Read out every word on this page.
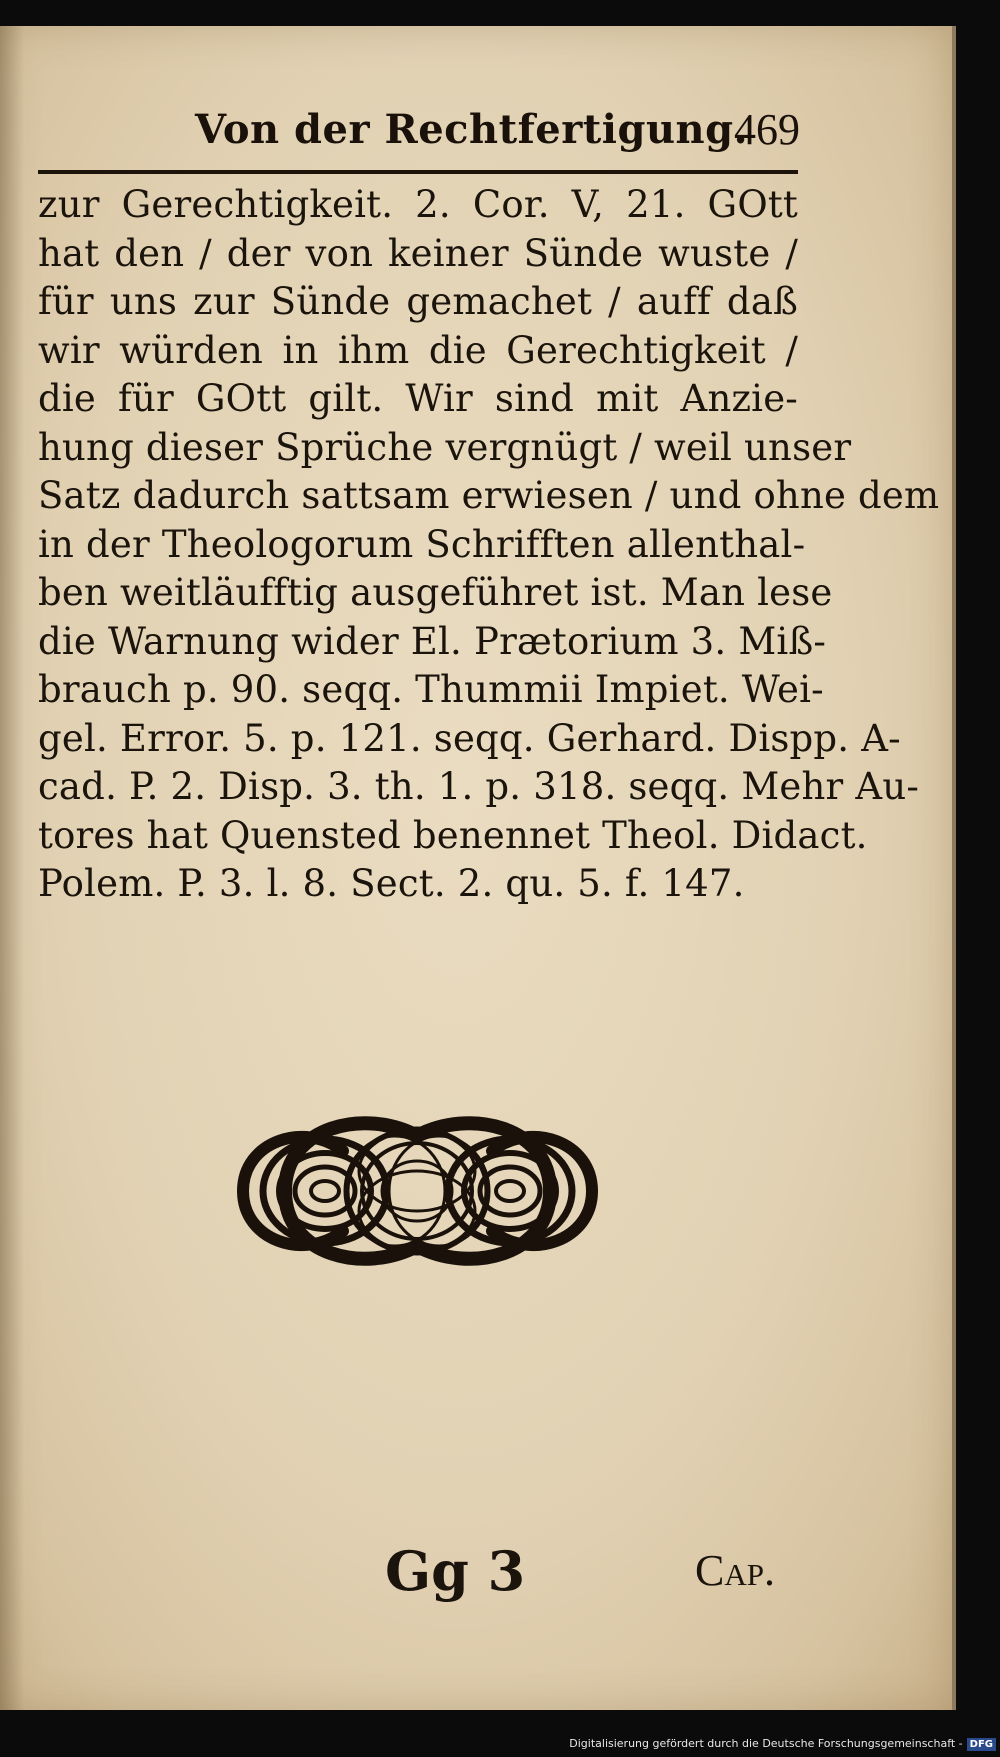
Von der Rechtfertigung.
469
zur Gerechtigkeit. 2. Cor. V, 21. GOtt
hat den / der von keiner Sünde wuste /
für uns zur Sünde gemachet / auff daß
wir würden in ihm die Gerechtigkeit /
die für GOtt gilt. Wir sind mit Anzie-
hung dieser Sprüche vergnügt / weil unser
Satz dadurch sattsam erwiesen / und ohne dem
in der Theologorum Schrifften allenthal-
ben weitläufftig ausgeführet ist. Man lese
die Warnung wider El. Prætorium 3. Miß-
brauch p. 90. seqq. Thummii Impiet. Wei-
gel. Error. 5. p. 121. seqq. Gerhard. Dispp. A-
cad. P. 2. Disp. 3. th. 1. p. 318. seqq. Mehr Au-
tores hat Quensted benennet Theol. Didact.
Polem. P. 3. l. 8. Sect. 2. qu. 5. f. 147.
Gg 3	Cap.
Digitalisierung gefördert durch die Deutsche Forschungsgemeinschaft - DFG
